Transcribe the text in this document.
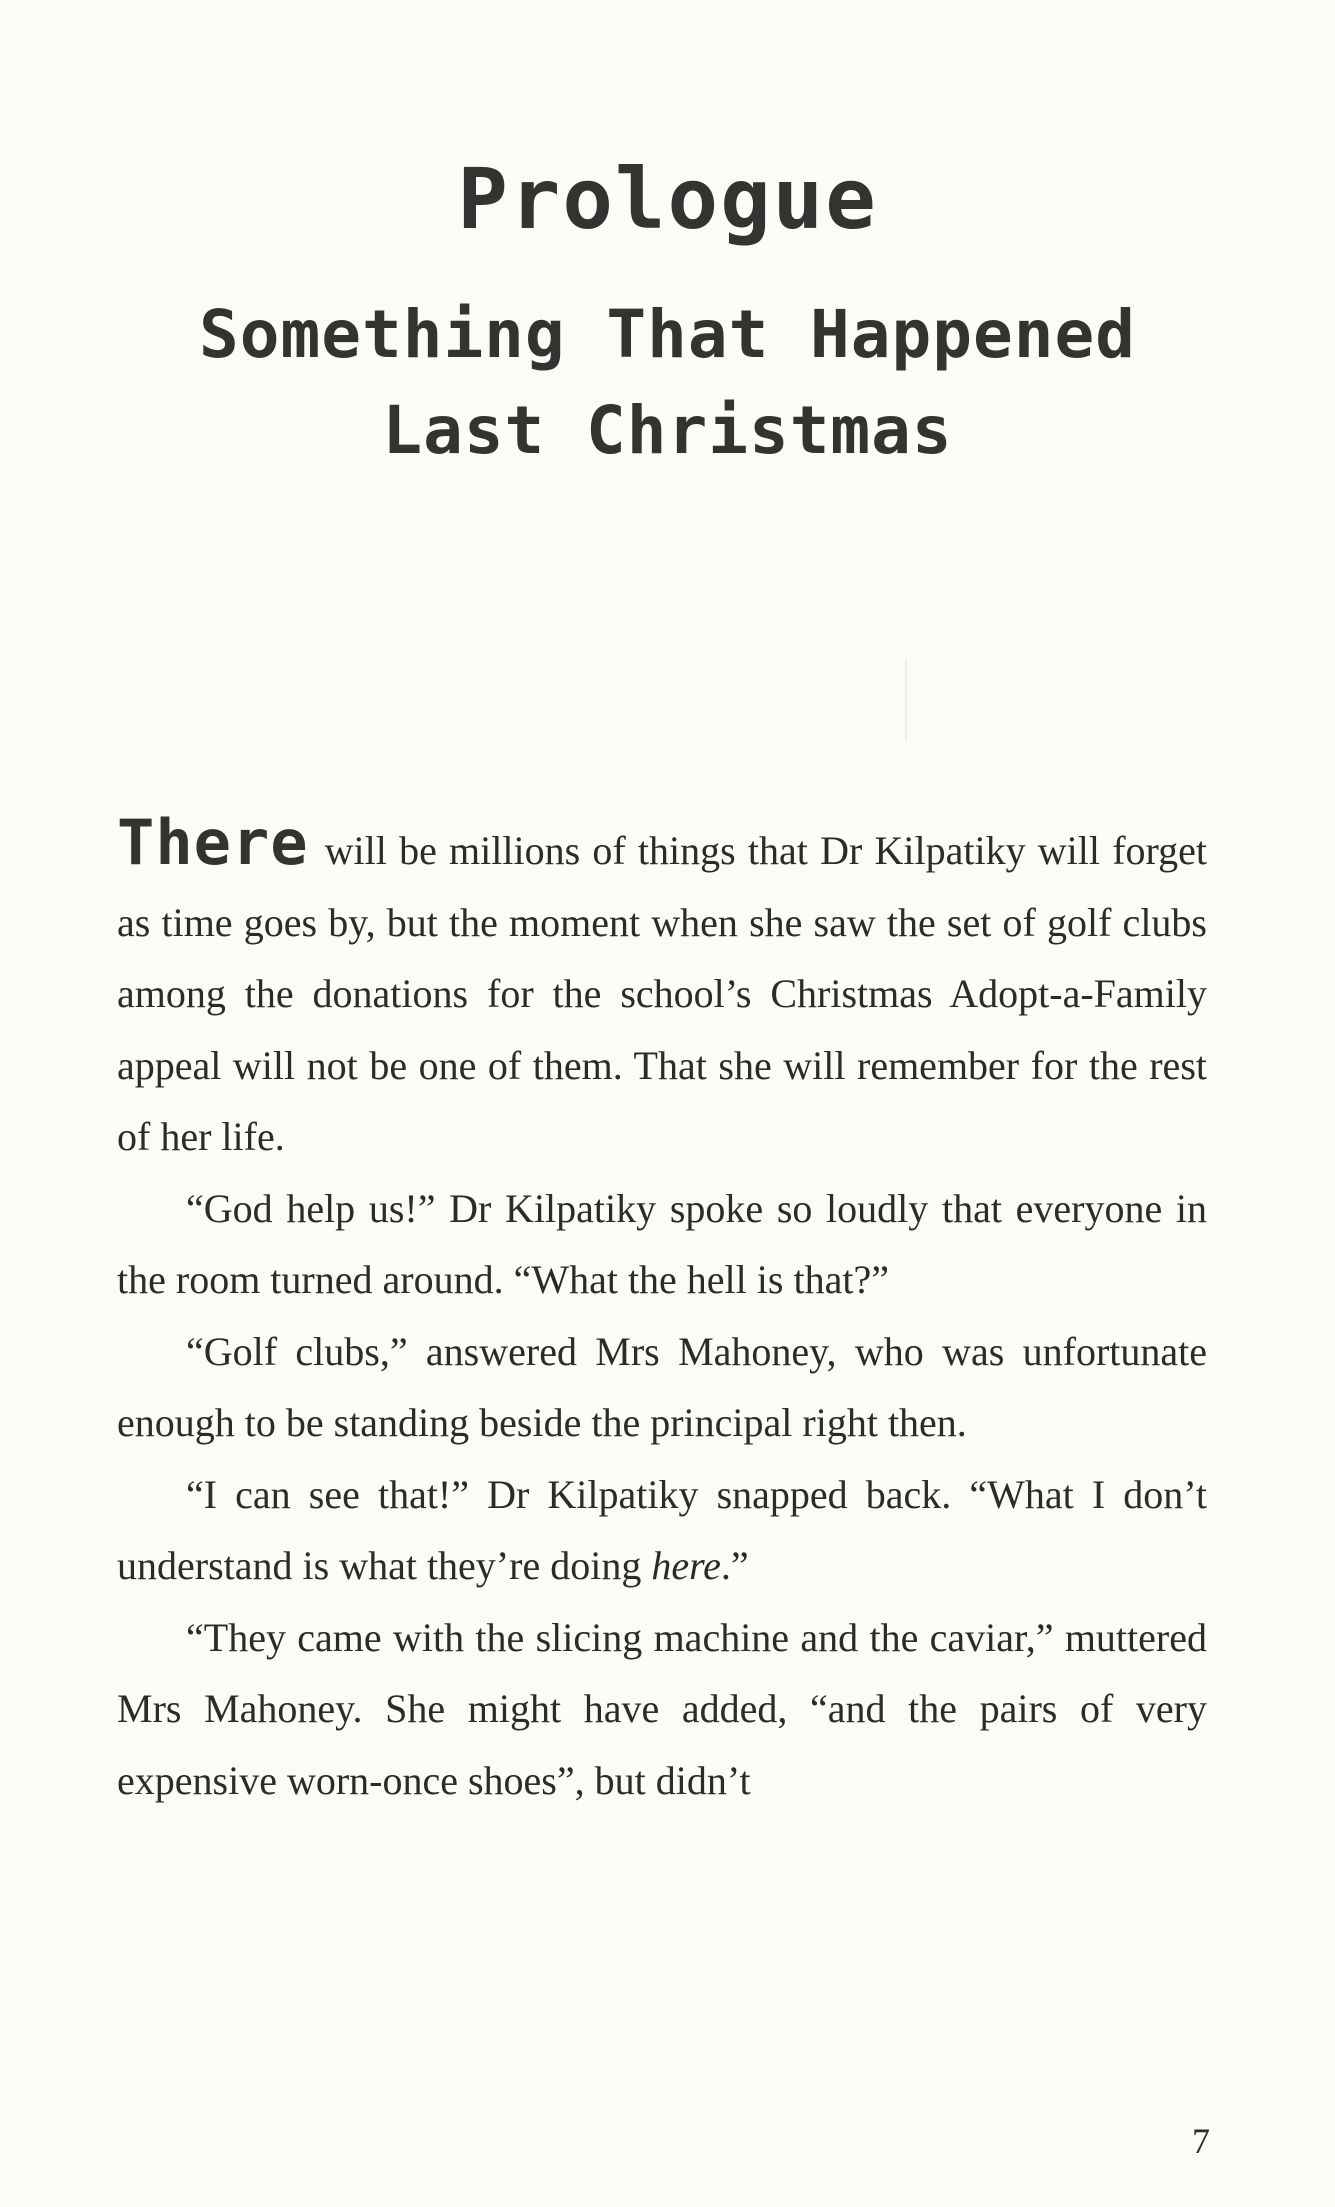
Prologue
Something That Happened
Last Christmas

There will be millions of things that Dr Kilpatiky will forget as time goes by, but the moment when she saw the set of golf clubs among the donations for the school’s Christmas Adopt-a-Family appeal will not be one of them. That she will remember for the rest of her life.

“God help us!” Dr Kilpatiky spoke so loudly that everyone in the room turned around. “What the hell is that?”

“Golf clubs,” answered Mrs Mahoney, who was unfortunate enough to be standing beside the principal right then.

“I can see that!” Dr Kilpatiky snapped back. “What I don’t understand is what they’re doing here.”

“They came with the slicing machine and the caviar,” muttered Mrs Mahoney. She might have added, “and the pairs of very expensive worn-once shoes”, but didn’t

7
